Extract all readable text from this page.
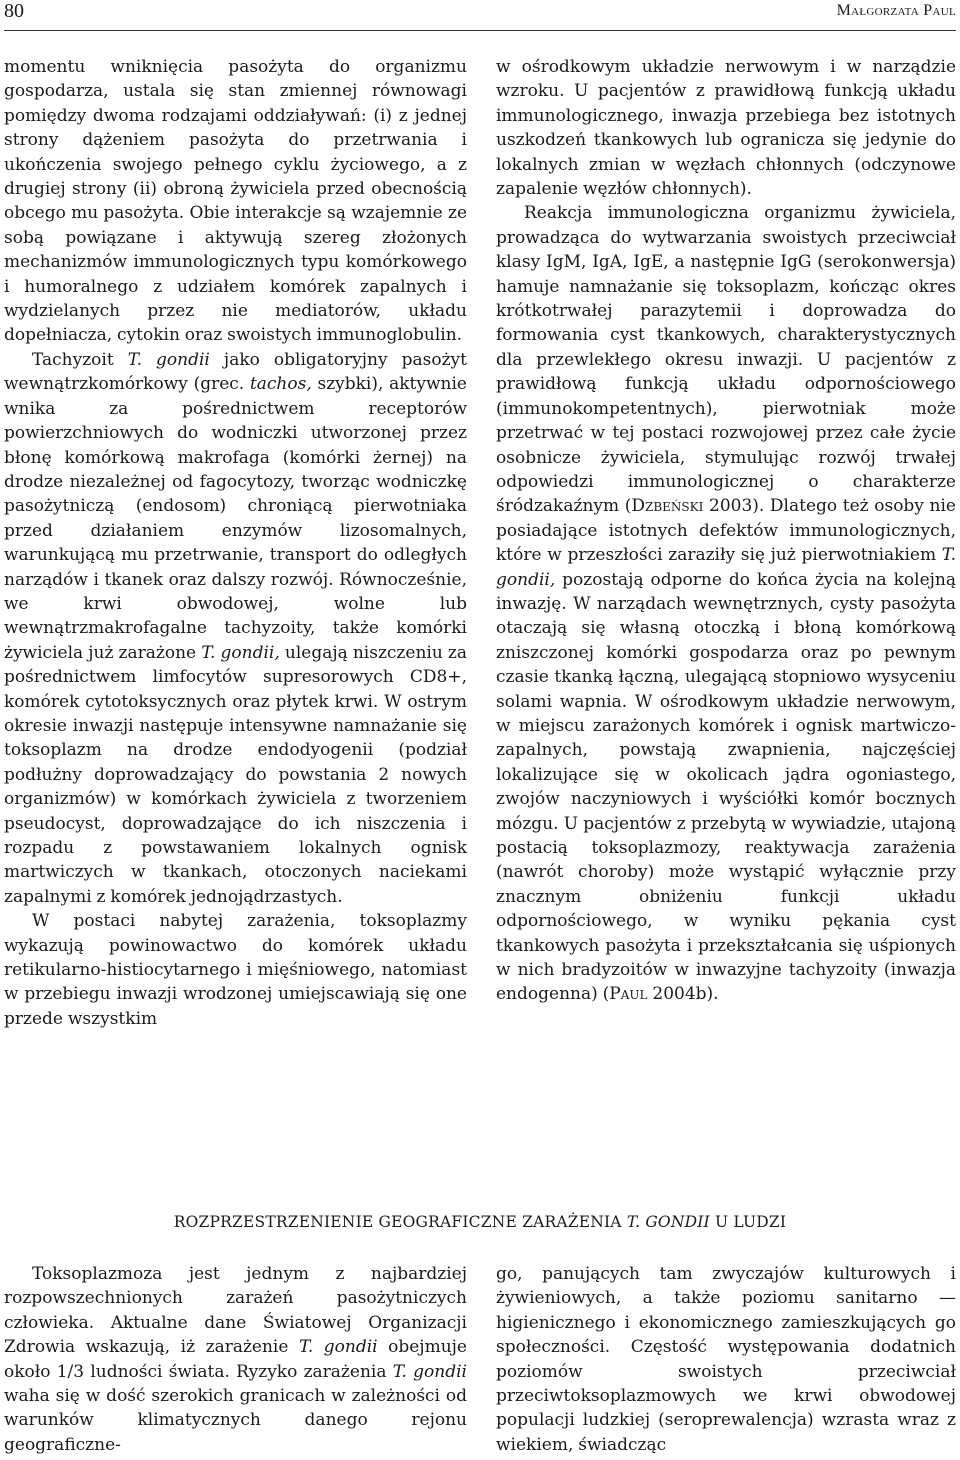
80	Małgorzata Paul

momentu wniknięcia pasożyta do organizmu gospodarza, ustala się stan zmiennej równowagi pomiędzy dwoma rodzajami oddziaływań: (i) z jednej strony dążeniem pasożyta do przetrwania i ukończenia swojego pełnego cyklu życiowego, a z drugiej strony (ii) obroną żywiciela przed obecnością obcego mu pasożyta. Obie interakcje są wzajemnie ze sobą powiązane i aktywują szereg złożonych mechanizmów immunologicznych typu komórkowego i humoralnego z udziałem komórek zapalnych i wydzielanych przez nie mediatorów, układu dopełniacza, cytokin oraz swoistych immunoglobulin.

Tachyzoit T. gondii jako obligatoryjny pasożyt wewnątrzkomórkowy (grec. tachos, szybki), aktywnie wnika za pośrednictwem receptorów powierzchniowych do wodniczki utworzonej przez błonę komórkową makrofaga (komórki żernej) na drodze niezależnej od fagocytozy, tworząc wodniczkę pasożytniczą (endosom) chroniącą pierwotniaka przed działaniem enzymów lizosomalnych, warunkującą mu przetrwanie, transport do odległych narządów i tkanek oraz dalszy rozwój. Równocześnie, we krwi obwodowej, wolne lub wewnątrzmakrofagalne tachyzoity, także komórki żywiciela już zarażone T. gondii, ulegają niszczeniu za pośrednictwem limfocytów supresorowych CD8+, komórek cytotoksycznych oraz płytek krwi. W ostrym okresie inwazji następuje intensywne namnażanie się toksoplazm na drodze endodyogenii (podział podłużny doprowadzający do powstania 2 nowych organizmów) w komórkach żywiciela z tworzeniem pseudocyst, doprowadzające do ich niszczenia i rozpadu z powstawaniem lokalnych ognisk martwiczych w tkankach, otoczonych naciekami zapalnymi z komórek jednojądrzastych.

W postaci nabytej zarażenia, toksoplazmy wykazują powinowactwo do komórek układu retikularno-histiocytarnego i mięśniowego, natomiast w przebiegu inwazji wrodzonej umiejscawiają się one przede wszystkim

w ośrodkowym układzie nerwowym i w narządzie wzroku. U pacjentów z prawidłową funkcją układu immunologicznego, inwazja przebiega bez istotnych uszkodzeń tkankowych lub ogranicza się jedynie do lokalnych zmian w węzłach chłonnych (odczynowe zapalenie węzłów chłonnych).

Reakcja immunologiczna organizmu żywiciela, prowadząca do wytwarzania swoistych przeciwciał klasy IgM, IgA, IgE, a następnie IgG (serokonwersja) hamuje namnażanie się toksoplazm, kończąc okres krótkotrwałej parazytemii i doprowadza do formowania cyst tkankowych, charakterystycznych dla przewlekłego okresu inwazji. U pacjentów z prawidłową funkcją układu odpornościowego (immunokompetentnych), pierwotniak może przetrwać w tej postaci rozwojowej przez całe życie osobnicze żywiciela, stymulując rozwój trwałej odpowiedzi immunologicznej o charakterze śródzakaźnym (Dzbeński 2003). Dlatego też osoby nie posiadające istotnych defektów immunologicznych, które w przeszłości zaraziły się już pierwotniakiem T. gondii, pozostają odporne do końca życia na kolejną inwazję. W narządach wewnętrznych, cysty pasożyta otaczają się własną otoczką i błoną komórkową zniszczonej komórki gospodarza oraz po pewnym czasie tkanką łączną, ulegającą stopniowo wysyceniu solami wapnia. W ośrodkowym układzie nerwowym, w miejscu zarażonych komórek i ognisk martwiczo-zapalnych, powstają zwapnienia, najczęściej lokalizujące się w okolicach jądra ogoniastego, zwojów naczyniowych i wyściółki komór bocznych mózgu. U pacjentów z przebytą w wywiadzie, utajoną postacią toksoplazmozy, reaktywacja zarażenia (nawrót choroby) może wystąpić wyłącznie przy znacznym obniżeniu funkcji układu odpornościowego, w wyniku pękania cyst tkankowych pasożyta i przekształcania się uśpionych w nich bradyzoitów w inwazyjne tachyzoity (inwazja endogenna) (Paul 2004b).

ROZPRZESTRZENIENIE GEOGRAFICZNE ZARAŻENIA T. GONDII U LUDZI

Toksoplazmoza jest jednym z najbardziej rozpowszechnionych zarażeń pasożytniczych człowieka. Aktualne dane Światowej Organizacji Zdrowia wskazują, iż zarażenie T. gondii obejmuje około 1/3 ludności świata. Ryzyko zarażenia T. gondii waha się w dość szerokich granicach w zależności od warunków klimatycznych danego rejonu geograficzne-

go, panujących tam zwyczajów kulturowych i żywieniowych, a także poziomu sanitarno — higienicznego i ekonomicznego zamieszkujących go społeczności. Częstość występowania dodatnich poziomów swoistych przeciwciał przeciwtoksoplazmowych we krwi obwodowej populacji ludzkiej (seroprewalencja) wzrasta wraz z wiekiem, świadcząc
